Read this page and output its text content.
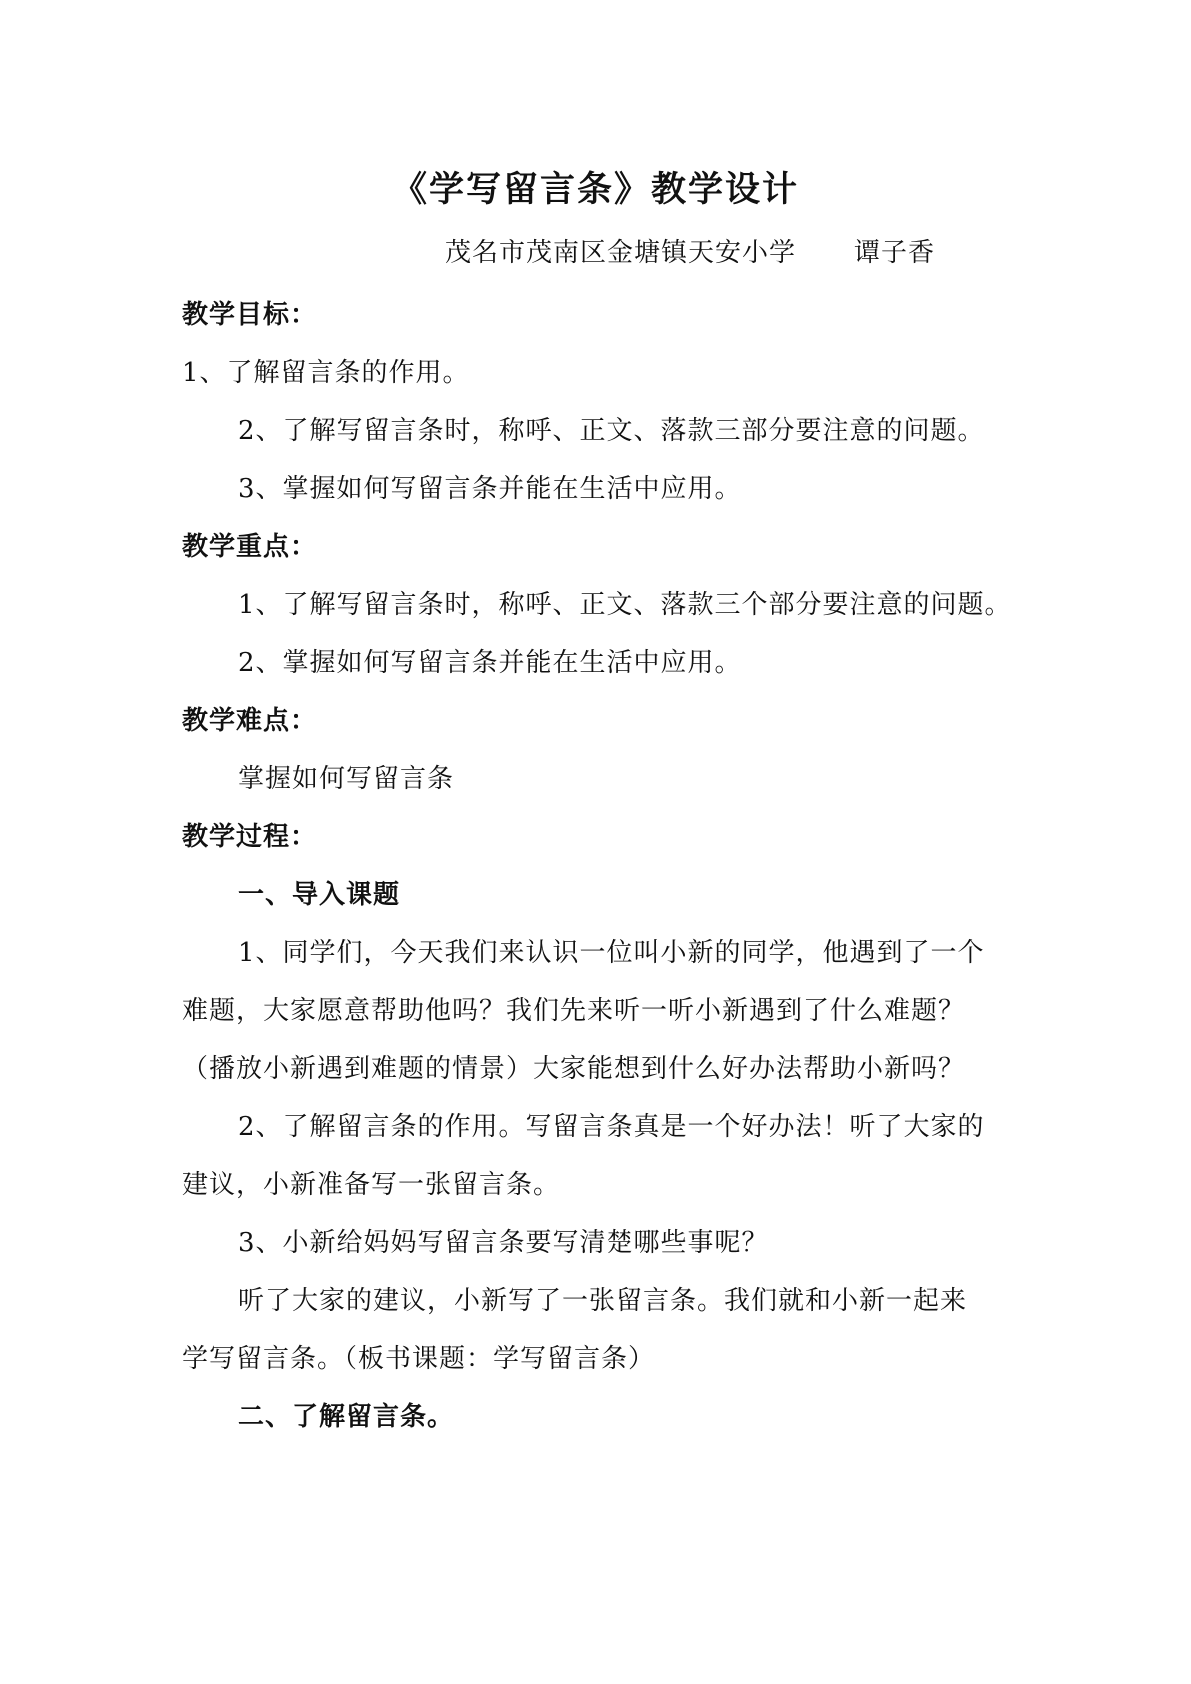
《学写留言条》教学设计
茂名市茂南区金塘镇天安小学 谭子香
教学目标：
1、了解留言条的作用。
2、了解写留言条时，称呼、正文、落款三部分要注意的问题。
3、掌握如何写留言条并能在生活中应用。
教学重点：
1、了解写留言条时，称呼、正文、落款三个部分要注意的问题。
2、掌握如何写留言条并能在生活中应用。
教学难点：
掌握如何写留言条
教学过程：
一、导入课题
1、同学们，今天我们来认识一位叫小新的同学，他遇到了一个
难题，大家愿意帮助他吗？我们先来听一听小新遇到了什么难题？
（播放小新遇到难题的情景）大家能想到什么好办法帮助小新吗？
2、了解留言条的作用。写留言条真是一个好办法！听了大家的
建议，小新准备写一张留言条。
3、小新给妈妈写留言条要写清楚哪些事呢？
听了大家的建议，小新写了一张留言条。我们就和小新一起来
学写留言条。（板书课题：学写留言条）
二、了解留言条。
